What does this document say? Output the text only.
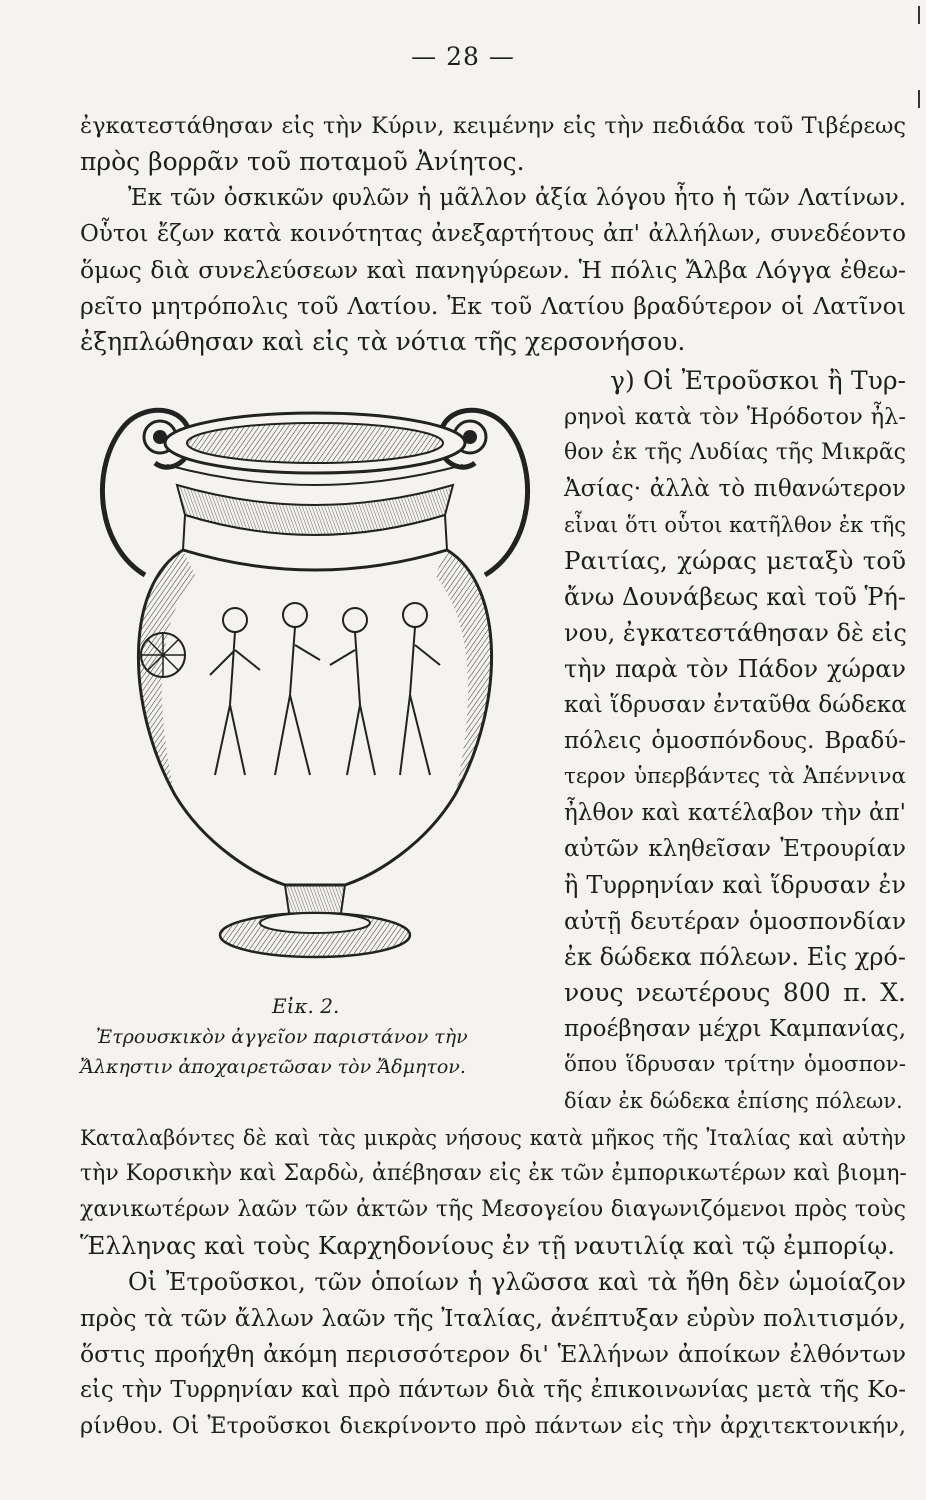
— 28 —
ἐγκατεστάθησαν εἰς τὴν Κύριν, κειμένην εἰς τὴν πεδιάδα τοῦ Τιβέρεως
πρὸς βορρᾶν τοῦ ποταμοῦ Ἀνίητος.
Ἐκ τῶν ὀσκικῶν φυλῶν ἡ μᾶλλον ἀξία λόγου ἦτο ἡ τῶν Λατίνων.
Οὗτοι ἔζων κατὰ κοινότητας ἀνεξαρτήτους ἀπ' ἀλλήλων, συνεδέοντο
ὅμως διὰ συνελεύσεων καὶ πανηγύρεων. Ἡ πόλις Ἄλβα Λόγγα ἐθεω-
ρεῖτο μητρόπολις τοῦ Λατίου. Ἐκ τοῦ Λατίου βραδύτερον οἱ Λατῖνοι
ἐξηπλώθησαν καὶ εἰς τὰ νότια τῆς χερσονήσου.
γ) Οἱ Ἐτροῦσκοι ἢ Τυρ-
ρηνοὶ κατὰ τὸν Ἡρόδοτον ἦλ-
θον ἐκ τῆς Λυδίας τῆς Μικρᾶς
Ἀσίας· ἀλλὰ τὸ πιθανώτερον
εἶναι ὅτι οὗτοι κατῆλθον ἐκ τῆς
Ραιτίας, χώρας μεταξὺ τοῦ
ἄνω Δουνάβεως καὶ τοῦ Ῥή-
νου, ἐγκατεστάθησαν δὲ εἰς
τὴν παρὰ τὸν Πάδον χώραν
καὶ ἵδρυσαν ἐνταῦθα δώδεκα
πόλεις ὁμοσπόνδους. Βραδύ-
τερον ὑπερβάντες τὰ Ἀπέννινα
ἦλθον καὶ κατέλαβον τὴν ἀπ'
αὐτῶν κληθεῖσαν Ἐτρουρίαν
ἢ Τυρρηνίαν καὶ ἵδρυσαν ἐν
αὐτῇ δευτέραν ὁμοσπονδίαν
ἐκ δώδεκα πόλεων. Εἰς χρό-
νους νεωτέρους 800 π. Χ.
προέβησαν μέχρι Καμπανίας,
ὅπου ἵδρυσαν τρίτην ὁμοσπον-
δίαν ἐκ δώδεκα ἐπίσης πόλεων.
Εἰκ. 2.
Ἐτρουσκικὸν ἀγγεῖον παριστάνον τὴν
Ἄλκηστιν ἀποχαιρετῶσαν τὸν Ἄδμητον.
Καταλαβόντες δὲ καὶ τὰς μικρὰς νήσους κατὰ μῆκος τῆς Ἰταλίας καὶ αὐτὴν
τὴν Κορσικὴν καὶ Σαρδὼ, ἀπέβησαν εἰς ἐκ τῶν ἐμπορικωτέρων καὶ βιομη-
χανικωτέρων λαῶν τῶν ἀκτῶν τῆς Μεσογείου διαγωνιζόμενοι πρὸς τοὺς
Ἕλληνας καὶ τοὺς Καρχηδονίους ἐν τῇ ναυτιλίᾳ καὶ τῷ ἐμπορίῳ.
Οἱ Ἐτροῦσκοι, τῶν ὁποίων ἡ γλῶσσα καὶ τὰ ἤθη δὲν ὡμοίαζον
πρὸς τὰ τῶν ἄλλων λαῶν τῆς Ἰταλίας, ἀνέπτυξαν εὐρὺν πολιτισμόν,
ὅστις προήχθη ἀκόμη περισσότερον δι' Ἑλλήνων ἀποίκων ἐλθόντων
εἰς τὴν Τυρρηνίαν καὶ πρὸ πάντων διὰ τῆς ἐπικοινωνίας μετὰ τῆς Κο-
ρίνθου. Οἱ Ἐτροῦσκοι διεκρίνοντο πρὸ πάντων εἰς τὴν ἀρχιτεκτονικήν,
